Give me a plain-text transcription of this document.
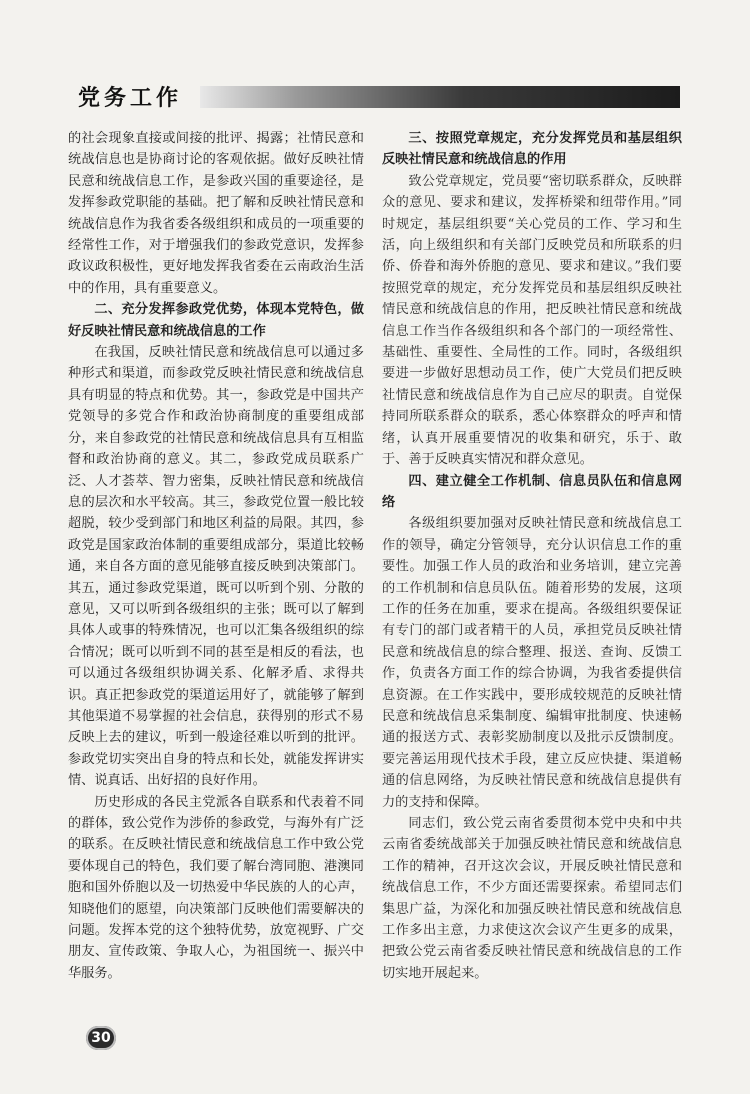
党务工作

的社会现象直接或间接的批评、揭露；社情民意和统战信息也是协商讨论的客观依据。做好反映社情民意和统战信息工作，是参政兴国的重要途径，是发挥参政党职能的基础。把了解和反映社情民意和统战信息作为我省委各级组织和成员的一项重要的经常性工作，对于增强我们的参政党意识，发挥参政议政积极性，更好地发挥我省委在云南政治生活中的作用，具有重要意义。

二、充分发挥参政党优势，体现本党特色，做好反映社情民意和统战信息的工作

在我国，反映社情民意和统战信息可以通过多种形式和渠道，而参政党反映社情民意和统战信息具有明显的特点和优势。其一，参政党是中国共产党领导的多党合作和政治协商制度的重要组成部分，来自参政党的社情民意和统战信息具有互相监督和政治协商的意义。其二，参政党成员联系广泛、人才荟萃、智力密集，反映社情民意和统战信息的层次和水平较高。其三，参政党位置一般比较超脱，较少受到部门和地区利益的局限。其四，参政党是国家政治体制的重要组成部分，渠道比较畅通，来自各方面的意见能够直接反映到决策部门。其五，通过参政党渠道，既可以听到个别、分散的意见，又可以听到各级组织的主张；既可以了解到具体人或事的特殊情况，也可以汇集各级组织的综合情况；既可以听到不同的甚至是相反的看法，也可以通过各级组织协调关系、化解矛盾、求得共识。真正把参政党的渠道运用好了，就能够了解到其他渠道不易掌握的社会信息，获得别的形式不易反映上去的建议，听到一般途径难以听到的批评。参政党切实突出自身的特点和长处，就能发挥讲实情、说真话、出好招的良好作用。

历史形成的各民主党派各自联系和代表着不同的群体，致公党作为涉侨的参政党，与海外有广泛的联系。在反映社情民意和统战信息工作中致公党要体现自己的特色，我们要了解台湾同胞、港澳同胞和国外侨胞以及一切热爱中华民族的人的心声，知晓他们的愿望，向决策部门反映他们需要解决的问题。发挥本党的这个独特优势，放宽视野、广交朋友、宣传政策、争取人心，为祖国统一、振兴中华服务。

三、按照党章规定，充分发挥党员和基层组织反映社情民意和统战信息的作用

致公党章规定，党员要“密切联系群众，反映群众的意见、要求和建议，发挥桥梁和纽带作用。”同时规定，基层组织要“关心党员的工作、学习和生活，向上级组织和有关部门反映党员和所联系的归侨、侨眷和海外侨胞的意见、要求和建议。”我们要按照党章的规定，充分发挥党员和基层组织反映社情民意和统战信息的作用，把反映社情民意和统战信息工作当作各级组织和各个部门的一项经常性、基础性、重要性、全局性的工作。同时，各级组织要进一步做好思想动员工作，使广大党员们把反映社情民意和统战信息作为自己应尽的职责。自觉保持同所联系群众的联系，悉心体察群众的呼声和情绪，认真开展重要情况的收集和研究，乐于、敢于、善于反映真实情况和群众意见。

四、建立健全工作机制、信息员队伍和信息网络

各级组织要加强对反映社情民意和统战信息工作的领导，确定分管领导，充分认识信息工作的重要性。加强工作人员的政治和业务培训，建立完善的工作机制和信息员队伍。随着形势的发展，这项工作的任务在加重，要求在提高。各级组织要保证有专门的部门或者精干的人员，承担党员反映社情民意和统战信息的综合整理、报送、查询、反馈工作，负责各方面工作的综合协调，为我省委提供信息资源。在工作实践中，要形成较规范的反映社情民意和统战信息采集制度、编辑审批制度、快速畅通的报送方式、表彰奖励制度以及批示反馈制度。要完善运用现代技术手段，建立反应快捷、渠道畅通的信息网络，为反映社情民意和统战信息提供有力的支持和保障。

同志们，致公党云南省委贯彻本党中央和中共云南省委统战部关于加强反映社情民意和统战信息工作的精神，召开这次会议，开展反映社情民意和统战信息工作，不少方面还需要探索。希望同志们集思广益，为深化和加强反映社情民意和统战信息工作多出主意，力求使这次会议产生更多的成果，把致公党云南省委反映社情民意和统战信息的工作切实地开展起来。

30
